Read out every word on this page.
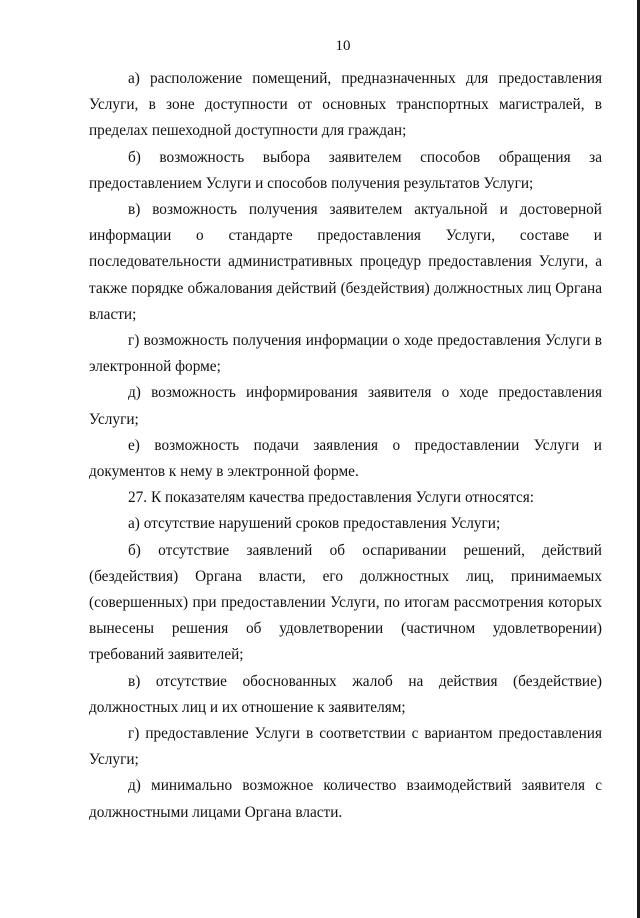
10

а) расположение помещений, предназначенных для предоставления Услуги, в зоне доступности от основных транспортных магистралей, в пределах пешеходной доступности для граждан;

б) возможность выбора заявителем способов обращения за предоставлением Услуги и способов получения результатов Услуги;

в) возможность получения заявителем актуальной и достоверной информации о стандарте предоставления Услуги, составе и последовательности административных процедур предоставления Услуги, а также порядке обжалования действий (бездействия) должностных лиц Органа власти;

г) возможность получения информации о ходе предоставления Услуги в электронной форме;

д) возможность информирования заявителя о ходе предоставления Услуги;

е) возможность подачи заявления о предоставлении Услуги и документов к нему в электронной форме.

27. К показателям качества предоставления Услуги относятся:

а) отсутствие нарушений сроков предоставления Услуги;

б) отсутствие заявлений об оспаривании решений, действий (бездействия) Органа власти, его должностных лиц, принимаемых (совершенных) при предоставлении Услуги, по итогам рассмотрения которых вынесены решения об удовлетворении (частичном удовлетворении) требований заявителей;

в) отсутствие обоснованных жалоб на действия (бездействие) должностных лиц и их отношение к заявителям;

г) предоставление Услуги в соответствии с вариантом предоставления Услуги;

д) минимально возможное количество взаимодействий заявителя с должностными лицами Органа власти.
